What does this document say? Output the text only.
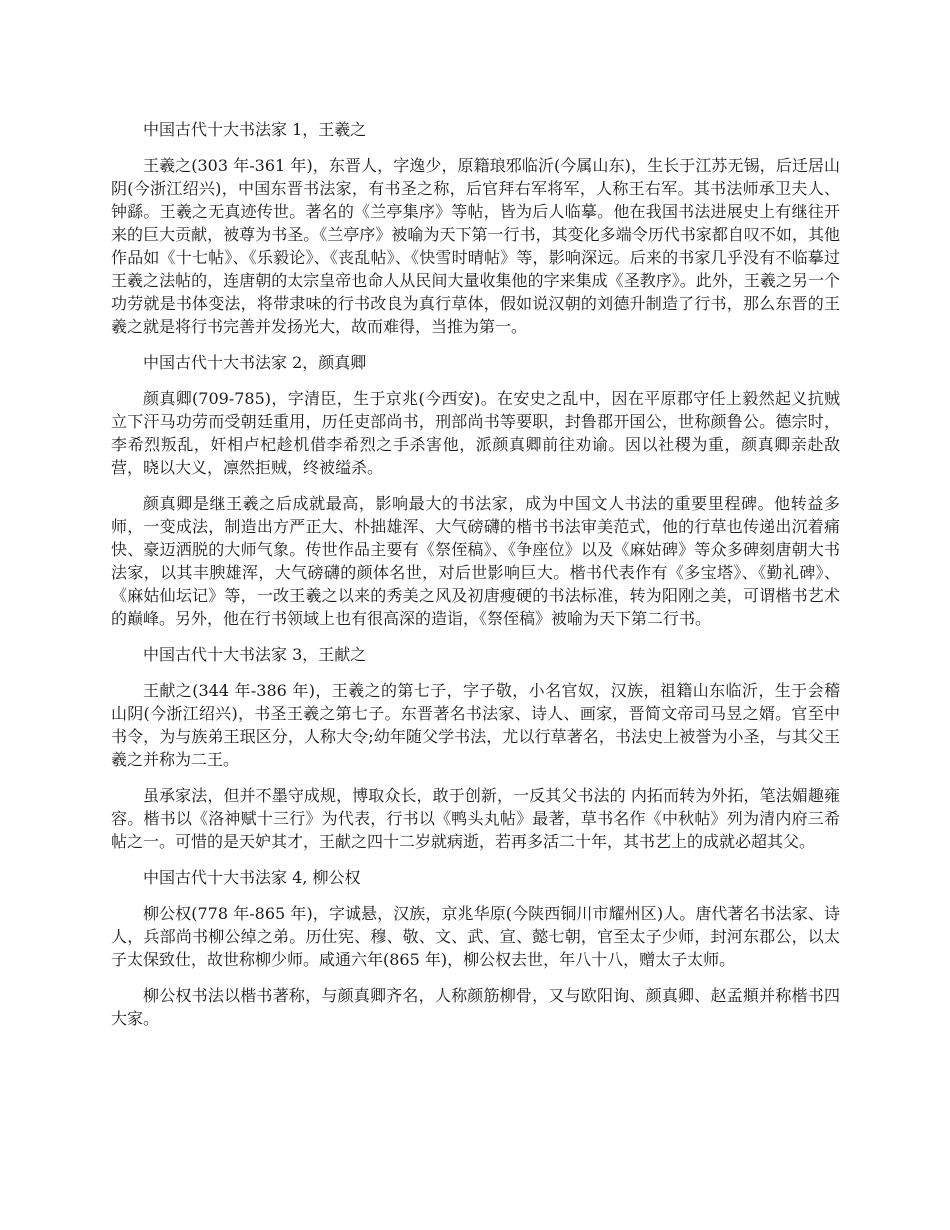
中国古代十大书法家 1，王羲之

王羲之(303 年-361 年)，东晋人，字逸少，原籍琅邪临沂(今属山东)，生长于江苏无锡，后迁居山阴(今浙江绍兴)，中国东晋书法家，有书圣之称，后官拜右军将军，人称王右军。其书法师承卫夫人、钟繇。王羲之无真迹传世。著名的《兰亭集序》等帖，皆为后人临摹。他在我国书法进展史上有继往开来的巨大贡献，被尊为书圣。《兰亭序》被喻为天下第一行书，其变化多端令历代书家都自叹不如，其他作品如《十七帖》、《乐毅论》、《丧乱帖》、《快雪时晴帖》等，影响深远。后来的书家几乎没有不临摹过王羲之法帖的，连唐朝的太宗皇帝也命人从民间大量收集他的字来集成《圣教序》。此外，王羲之另一个功劳就是书体变法，将带隶味的行书改良为真行草体，假如说汉朝的刘德升制造了行书，那么东晋的王羲之就是将行书完善并发扬光大，故而难得，当推为第一。

中国古代十大书法家 2，颜真卿

颜真卿(709-785)，字清臣，生于京兆(今西安)。在安史之乱中，因在平原郡守任上毅然起义抗贼立下汗马功劳而受朝廷重用，历任吏部尚书，刑部尚书等要职，封鲁郡开国公，世称颜鲁公。德宗时，李希烈叛乱，奸相卢杞趁机借李希烈之手杀害他，派颜真卿前往劝谕。因以社稷为重，颜真卿亲赴敌营，晓以大义，凛然拒贼，终被缢杀。

颜真卿是继王羲之后成就最高，影响最大的书法家，成为中国文人书法的重要里程碑。他转益多师，一变成法，制造出方严正大、朴拙雄浑、大气磅礴的楷书书法审美范式，他的行草也传递出沉着痛快、豪迈洒脱的大师气象。传世作品主要有《祭侄稿》、《争座位》以及《麻姑碑》等众多碑刻唐朝大书法家，以其丰腴雄浑，大气磅礴的颜体名世，对后世影响巨大。楷书代表作有《多宝塔》、《勤礼碑》、《麻姑仙坛记》等，一改王羲之以来的秀美之风及初唐瘦硬的书法标准，转为阳刚之美，可谓楷书艺术的巅峰。另外，他在行书领域上也有很高深的造诣，《祭侄稿》被喻为天下第二行书。

中国古代十大书法家 3，王献之

王献之(344 年-386 年)，王羲之的第七子，字子敬，小名官奴，汉族，祖籍山东临沂，生于会稽山阴(今浙江绍兴)，书圣王羲之第七子。东晋著名书法家、诗人、画家，晋简文帝司马昱之婿。官至中书令，为与族弟王珉区分，人称大令;幼年随父学书法，尤以行草著名，书法史上被誉为小圣，与其父王羲之并称为二王。

虽承家法，但并不墨守成规，博取众长，敢于创新，一反其父书法的 内拓而转为外拓，笔法媚趣雍容。楷书以《洛神赋十三行》为代表，行书以《鸭头丸帖》最著，草书名作《中秋帖》列为清内府三希帖之一。可惜的是天妒其才，王献之四十二岁就病逝，若再多活二十年，其书艺上的成就必超其父。

中国古代十大书法家 4, 柳公权

柳公权(778 年-865 年)，字诚悬，汉族，京兆华原(今陕西铜川市耀州区)人。唐代著名书法家、诗人，兵部尚书柳公绰之弟。历仕宪、穆、敬、文、武、宣、懿七朝，官至太子少师，封河东郡公，以太子太保致仕，故世称柳少师。咸通六年(865 年)，柳公权去世，年八十八，赠太子太师。

柳公权书法以楷书著称，与颜真卿齐名，人称颜筋柳骨，又与欧阳询、颜真卿、赵孟頫并称楷书四大家。
